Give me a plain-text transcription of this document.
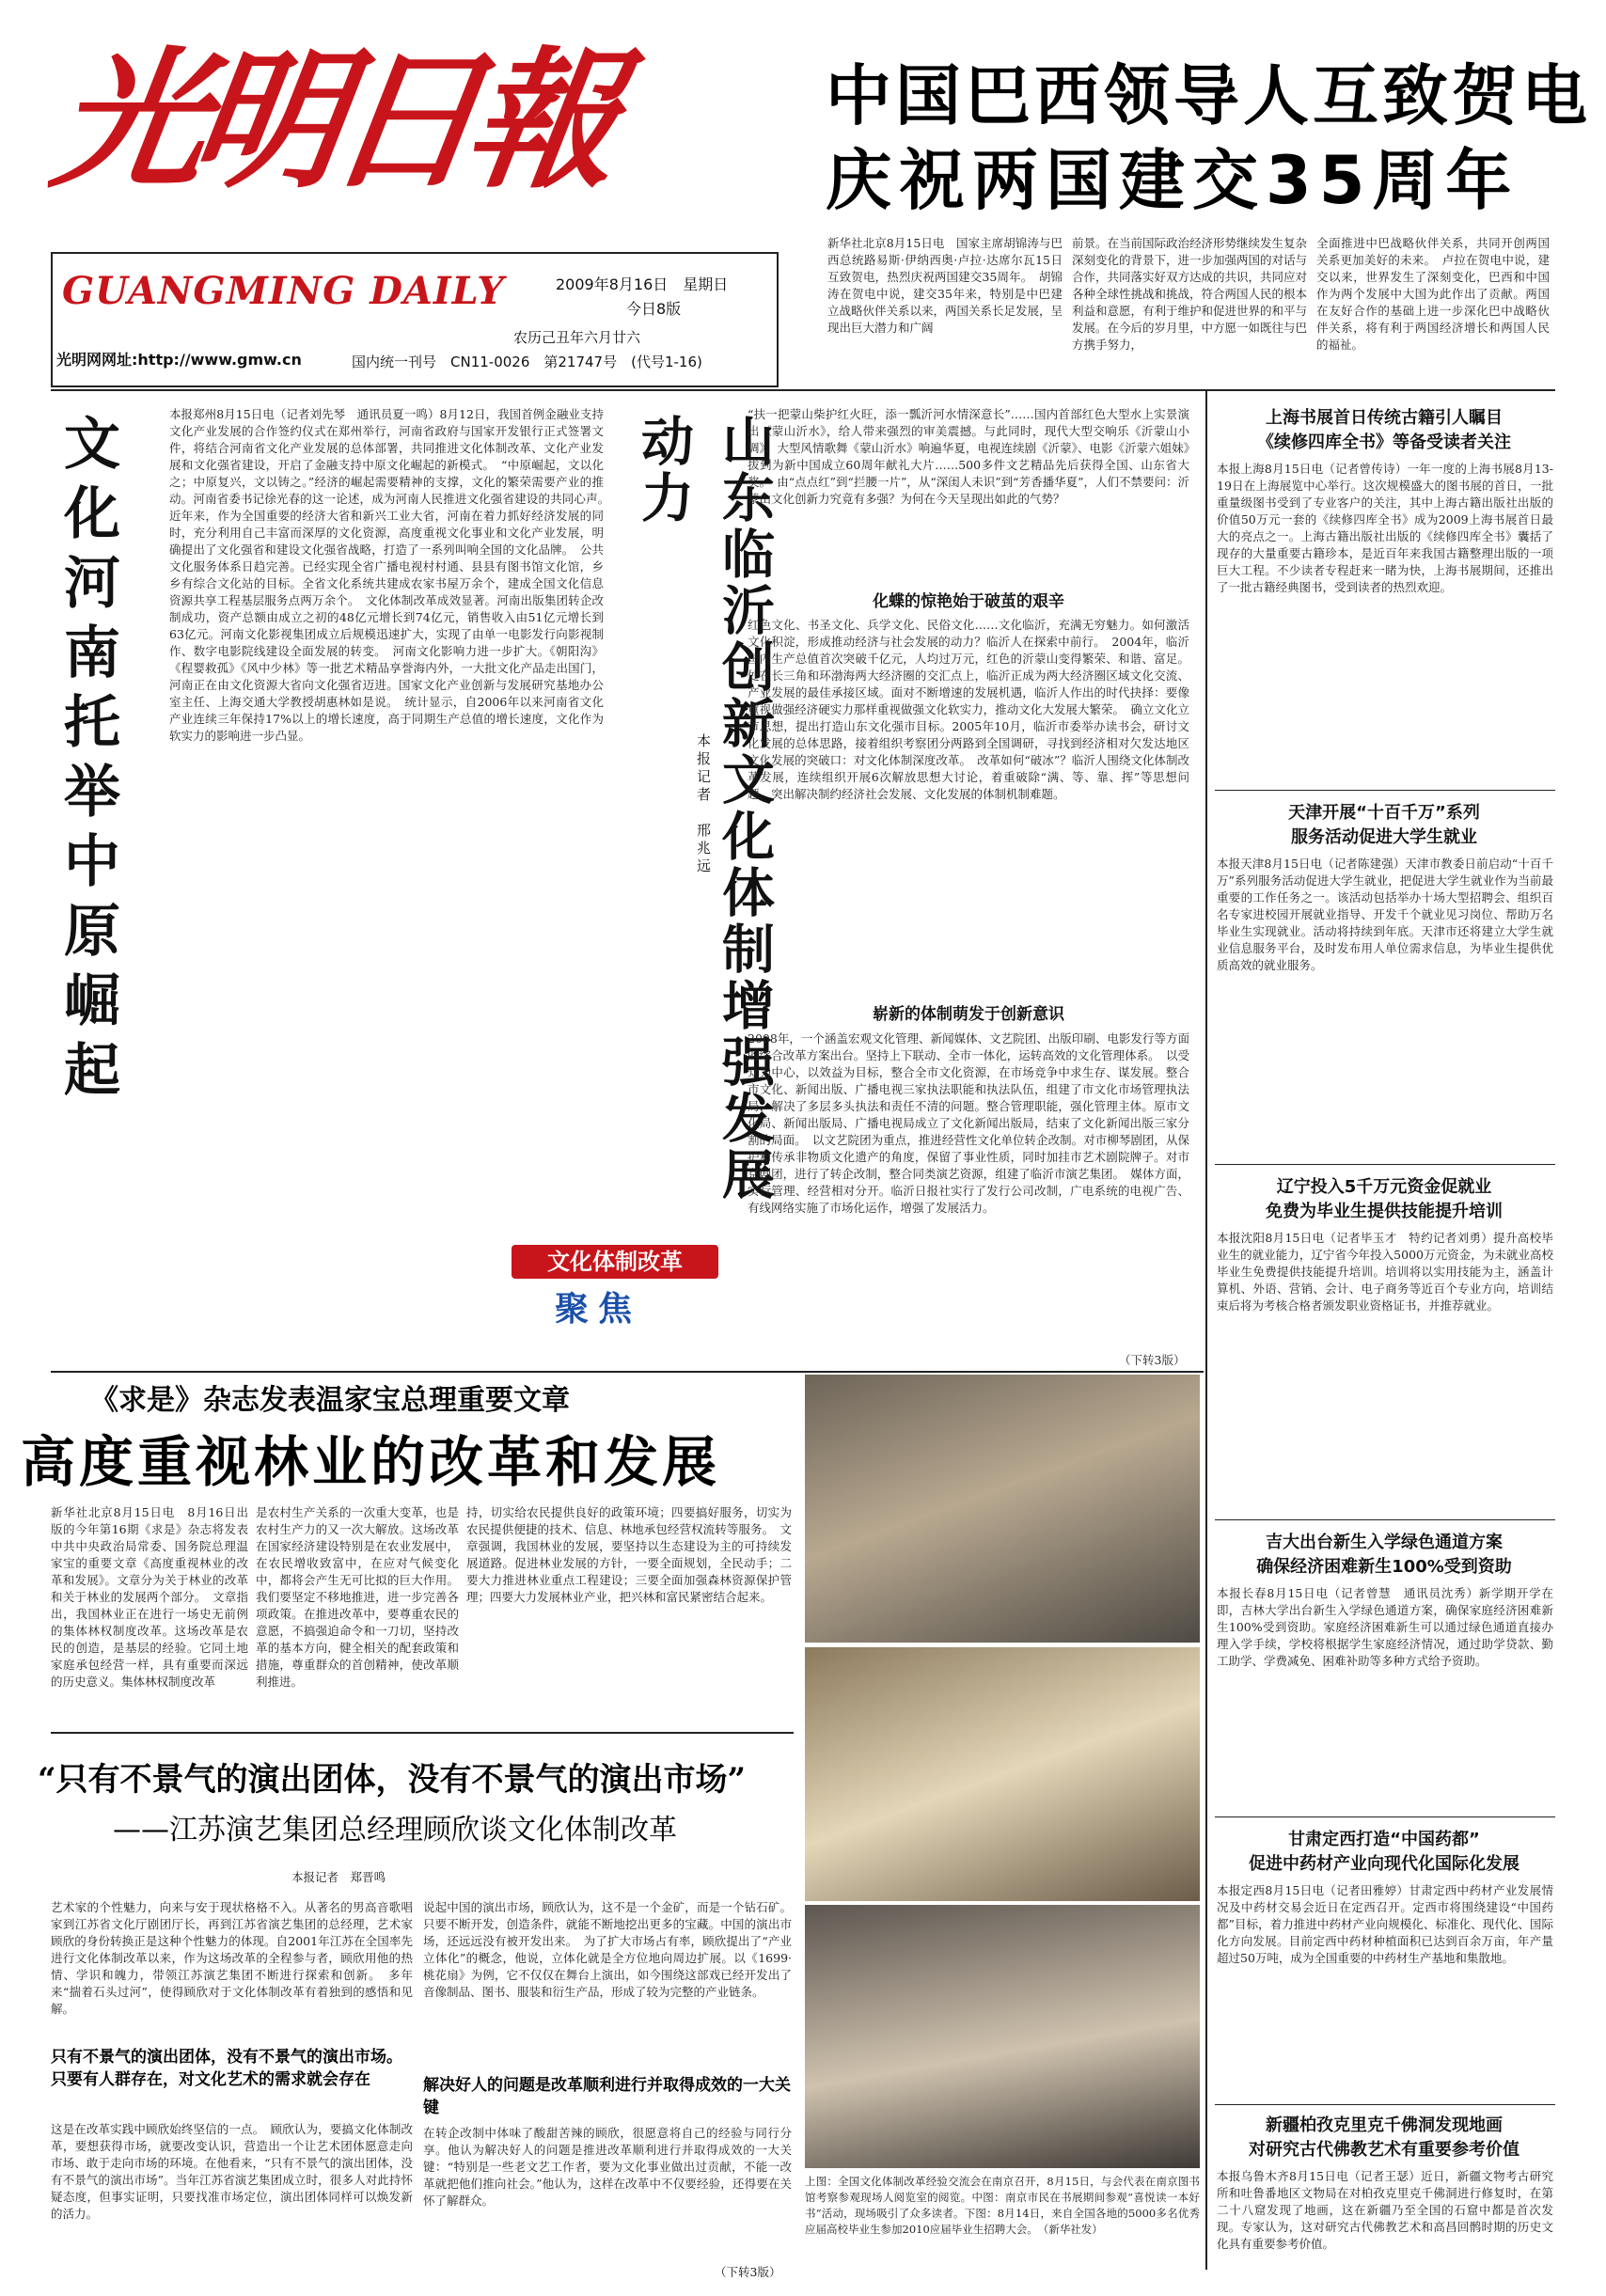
光明日報
GUANGMING DAILY
光明网网址:http://www.gmw.cn
2009年8月16日　星期日
今日8版
农历己丑年六月廿六
国内统一刊号　CN11-0026　第21747号　(代号1-16)
中国巴西领导人互致贺电
庆祝两国建交35周年
新华社北京8月15日电　国家主席胡锦涛与巴西总统路易斯·伊纳西奥·卢拉·达席尔瓦15日互致贺电，热烈庆祝两国建交35周年。　胡锦涛在贺电中说，建交35年来，特别是中巴建立战略伙伴关系以来，两国关系长足发展，呈现出巨大潜力和广阔
前景。在当前国际政治经济形势继续发生复杂深刻变化的背景下，进一步加强两国的对话与合作，共同落实好双方达成的共识，共同应对各种全球性挑战和挑战，符合两国人民的根本利益和意愿，有利于维护和促进世界的和平与发展。在今后的岁月里，中方愿一如既往与巴方携手努力，
全面推进中巴战略伙伴关系，共同开创两国关系更加美好的未来。　卢拉在贺电中说，建交以来，世界发生了深刻变化，巴西和中国作为两个发展中大国为此作出了贡献。两国在友好合作的基础上进一步深化巴中战略伙伴关系，将有利于两国经济增长和两国人民的福祉。
文化河南托举中原崛起	本报郑州8月15日电（记者刘先琴　通讯员夏一鸣）8月12日，我国首例金融业支持文化产业发展的合作签约仪式在郑州举行，河南省政府与国家开发银行正式签署文件，将结合河南省文化产业发展的总体部署，共同推进文化体制改革、文化产业发展和文化强省建设，开启了金融支持中原文化崛起的新模式。　“中原崛起，文以化之；中原复兴，文以铸之。”经济的崛起需要精神的支撑，文化的繁荣需要产业的推动。河南省委书记徐光春的这一论述，成为河南人民推进文化强省建设的共同心声。　近年来，作为全国重要的经济大省和新兴工业大省，河南在着力抓好经济发展的同时，充分利用自己丰富而深厚的文化资源，高度重视文化事业和文化产业发展，明确提出了文化强省和建设文化强省战略，打造了一系列叫响全国的文化品牌。　公共文化服务体系日趋完善。已经实现全省广播电视村村通、县县有图书馆文化馆，乡乡有综合文化站的目标。全省文化系统共建成农家书屋万余个，建成全国文化信息资源共享工程基层服务点两万余个。　文化体制改革成效显著。河南出版集团转企改制成功，资产总额由成立之初的48亿元增长到74亿元，销售收入由51亿元增长到63亿元。河南文化影视集团成立后规模迅速扩大，实现了由单一电影发行向影视制作、数字电影院线建设全面发展的转变。　河南文化影响力进一步扩大。《朝阳沟》《程婴救孤》《风中少林》等一批艺术精品享誉海内外，一大批文化产品走出国门，河南正在由文化资源大省向文化强省迈进。国家文化产业创新与发展研究基地办公室主任、上海交通大学教授胡惠林如是说。　统计显示，自2006年以来河南省文化产业连续三年保持17%以上的增长速度，高于同期生产总值的增长速度，文化作为软实力的影响进一步凸显。	山东临沂创新文化体制增强发展动力
本报记者　邢兆远
“扶一把蒙山柴护红火旺，添一瓢沂河水情深意长”……国内首部红色大型水上实景演出《蒙山沂水》，给人带来强烈的审美震撼。与此同时，现代大型交响乐《沂蒙山小调》、大型风情歌舞《蒙山沂水》响遍华夏，电视连续剧《沂蒙》、电影《沂蒙六姐妹》拔到为新中国成立60周年献礼大片……500多件文艺精品先后获得全国、山东省大奖。　由“点点红”到“拦腰一片”，从“深闺人未识”到“芳香播华夏”，人们不禁要问：沂蒙山文化创新力究竟有多强？为何在今天呈现出如此的气势？
化蝶的惊艳始于破茧的艰辛
红色文化、书圣文化、兵学文化、民俗文化……文化临沂，充满无穷魅力。如何激活文化积淀，形成推动经济与社会发展的动力？临沂人在探索中前行。　2004年，临沂国内生产总值首次突破千亿元，人均过万元，红色的沂蒙山变得繁荣、和谐、富足。处在长三角和环渤海两大经济圈的交汇点上，临沂正成为两大经济圈区域文化交流、产业发展的最佳承接区域。面对不断增速的发展机遇，临沂人作出的时代抉择：要像重视做强经济硬实力那样重视做强文化软实力，推动文化大发展大繁荣。　确立文化立市思想，提出打造山东文化强市目标。2005年10月，临沂市委举办读书会，研讨文化发展的总体思路，接着组织考察团分两路到全国调研，寻找到经济相对欠发达地区文化发展的突破口：对文化体制深度改革。　改革如何“破冰”？临沂人围绕文化体制改革发展，连续组织开展6次解放思想大讨论，着重破除“满、等、靠、挥”等思想问题，突出解决制约经济社会发展、文化发展的体制机制难题。
崭新的体制萌发于创新意识
2008年，一个涵盖宏观文化管理、新闻媒体、文艺院团、出版印刷、电影发行等方面的综合改革方案出台。坚持上下联动、全市一体化，运转高效的文化管理体系。　以受众为中心，以效益为目标，整合全市文化资源，在市场竞争中求生存、谋发展。整合市文化、新闻出版、广播电视三家执法职能和执法队伍，组建了市文化市场管理执法局，解决了多层多头执法和责任不清的问题。整合管理职能，强化管理主体。原市文化局、新闻出版局、广播电视局成立了文化新闻出版局，结束了文化新闻出版三家分割的局面。　以文艺院团为重点，推进经营性文化单位转企改制。对市柳琴剧团，从保护和传承非物质文化遗产的角度，保留了事业性质，同时加挂市艺术剧院牌子。对市京剧团，进行了转企改制，整合同类演艺资源，组建了临沂市演艺集团。　媒体方面，实行管理、经营相对分开。临沂日报社实行了发行公司改制，广电系统的电视广告、有线网络实施了市场化运作，增强了发展活力。
（下转3版）
文化体制改革
聚焦
《求是》杂志发表温家宝总理重要文章
高度重视林业的改革和发展
新华社北京8月15日电　8月16日出版的今年第16期《求是》杂志将发表中共中央政治局常委、国务院总理温家宝的重要文章《高度重视林业的改革和发展》。文章分为关于林业的改革和关于林业的发展两个部分。　文章指出，我国林业正在进行一场史无前例的集体林权制度改革。这场改革是农民的创造，是基层的经验。它同土地家庭承包经营一样，具有重要而深远的历史意义。集体林权制度改革
是农村生产关系的一次重大变革，也是农村生产力的又一次大解放。这场改革在国家经济建设特别是在农业发展中，在农民增收致富中，在应对气候变化中，都将会产生无可比拟的巨大作用。我们要坚定不移地推进，进一步完善各项政策。在推进改革中，要尊重农民的意愿，不搞强迫命令和一刀切，坚持改革的基本方向，健全相关的配套政策和措施，尊重群众的首创精神，使改革顺利推进。
持，切实给农民提供良好的政策环境；四要搞好服务，切实为农民提供便捷的技术、信息、林地承包经营权流转等服务。　文章强调，我国林业的发展，要坚持以生态建设为主的可持续发展道路。促进林业发展的方针，一要全面规划，全民动手；二要大力推进林业重点工程建设；三要全面加强森林资源保护管理；四要大力发展林业产业，把兴林和富民紧密结合起来。
“只有不景气的演出团体，没有不景气的演出市场”
——江苏演艺集团总经理顾欣谈文化体制改革
本报记者　郑晋鸣
艺术家的个性魅力，向来与安于现状格格不入。从著名的男高音歌唱家到江苏省文化厅剧团厅长，再到江苏省演艺集团的总经理，艺术家顾欣的身份转换正是这种个性魅力的体现。自2001年江苏在全国率先进行文化体制改革以来，作为这场改革的全程参与者，顾欣用他的热情、学识和魄力，带领江苏演艺集团不断进行探索和创新。　多年来“揣着石头过河”，使得顾欣对于文化体制改革有着独到的感悟和见解。
只有不景气的演出团体，没有不景气的演出市场。只要有人群存在，对文化艺术的需求就会存在
这是在改革实践中顾欣始终坚信的一点。　顾欣认为，要搞文化体制改革，要想获得市场，就要改变认识，营造出一个让艺术团体愿意走向市场、敢于走向市场的环境。在他看来，“只有不景气的演出团体，没有不景气的演出市场”。当年江苏省演艺集团成立时，很多人对此持怀疑态度，但事实证明，只要找准市场定位，演出团体同样可以焕发新的活力。
说起中国的演出市场，顾欣认为，这不是一个金矿，而是一个钻石矿。只要不断开发，创造条件，就能不断地挖出更多的宝藏。中国的演出市场，还远远没有被开发出来。　为了扩大市场占有率，顾欣提出了“产业立体化”的概念，他说，立体化就是全方位地向周边扩展。以《1699·桃花扇》为例，它不仅仅在舞台上演出，如今围绕这部戏已经开发出了音像制品、图书、服装和衍生产品，形成了较为完整的产业链条。
解决好人的问题是改革顺利进行并取得成效的一大关键
在转企改制中体味了酸甜苦辣的顾欣，很愿意将自己的经验与同行分享。他认为解决好人的问题是推进改革顺利进行并取得成效的一大关键：“特别是一些老文艺工作者，要为文化事业做出过贡献，不能一改革就把他们推向社会。”他认为，这样在改革中不仅要经验，还得要在关怀了解群众。
（下转3版）
上图：全国文化体制改革经验交流会在南京召开，8月15日，与会代表在南京图书馆考察参观现场人阅览室的阅览。中图：南京市民在书展期间参观“喜悦读一本好书”活动，现场吸引了众多读者。下图：8月14日，来自全国各地的5000多名优秀应届高校毕业生参加2010应届毕业生招聘大会。　（新华社发）
上海书展首日传统古籍引人瞩目
《续修四库全书》等备受读者关注
本报上海8月15日电（记者曾传诗）一年一度的上海书展8月13-19日在上海展览中心举行。这次规模盛大的图书展的首日，一批重量级图书受到了专业客户的关注，其中上海古籍出版社出版的价值50万元一套的《续修四库全书》成为2009上海书展首日最大的亮点之一。上海古籍出版社出版的《续修四库全书》囊括了现存的大量重要古籍珍本，是近百年来我国古籍整理出版的一项巨大工程。不少读者专程赶来一睹为快，上海书展期间，还推出了一批古籍经典图书，受到读者的热烈欢迎。
天津开展“十百千万”系列
服务活动促进大学生就业
本报天津8月15日电（记者陈建强）天津市教委日前启动“十百千万”系列服务活动促进大学生就业，把促进大学生就业作为当前最重要的工作任务之一。该活动包括举办十场大型招聘会、组织百名专家进校园开展就业指导、开发千个就业见习岗位、帮助万名毕业生实现就业。活动将持续到年底。天津市还将建立大学生就业信息服务平台，及时发布用人单位需求信息，为毕业生提供优质高效的就业服务。
辽宁投入5千万元资金促就业
免费为毕业生提供技能提升培训
本报沈阳8月15日电（记者毕玉才　特约记者刘勇）提升高校毕业生的就业能力，辽宁省今年投入5000万元资金，为未就业高校毕业生免费提供技能提升培训。培训将以实用技能为主，涵盖计算机、外语、营销、会计、电子商务等近百个专业方向，培训结束后将为考核合格者颁发职业资格证书，并推荐就业。
吉大出台新生入学绿色通道方案
确保经济困难新生100%受到资助
本报长春8月15日电（记者曾慧　通讯员沈秀）新学期开学在即，吉林大学出台新生入学绿色通道方案，确保家庭经济困难新生100%受到资助。家庭经济困难新生可以通过绿色通道直接办理入学手续，学校将根据学生家庭经济情况，通过助学贷款、勤工助学、学费减免、困难补助等多种方式给予资助。
甘肃定西打造“中国药都”
促进中药材产业向现代化国际化发展
本报定西8月15日电（记者田雅婷）甘肃定西中药材产业发展情况及中药材交易会近日在定西召开。定西市将围绕建设“中国药都”目标，着力推进中药材产业向规模化、标准化、现代化、国际化方向发展。目前定西中药材种植面积已达到百余万亩，年产量超过50万吨，成为全国重要的中药材生产基地和集散地。
新疆柏孜克里克千佛洞发现地画
对研究古代佛教艺术有重要参考价值
本报乌鲁木齐8月15日电（记者王瑟）近日，新疆文物考古研究所和吐鲁番地区文物局在对柏孜克里克千佛洞进行修复时，在第二十八窟发现了地画，这在新疆乃至全国的石窟中都是首次发现。专家认为，这对研究古代佛教艺术和高昌回鹘时期的历史文化具有重要参考价值。
